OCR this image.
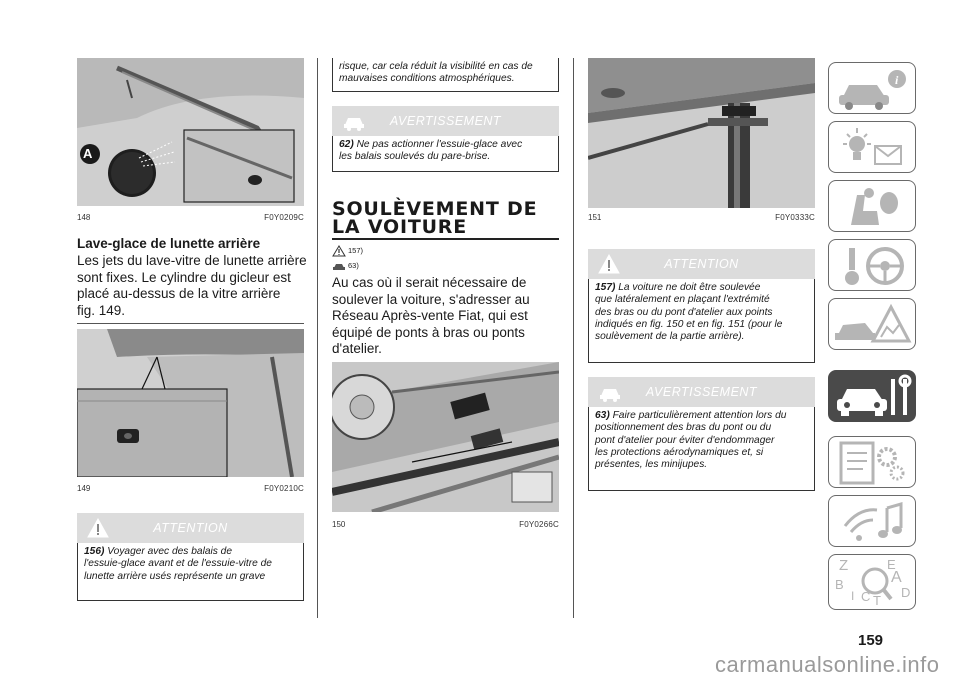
A
148	F0Y0209C
Lave-glace de lunette arrière
Les jets du lave-vitre de lunette arrière
sont fixes. Le cylindre du gicleur est
placé au-dessus de la vitre arrière
fig. 149.
149	F0Y0210C
ATTENTION
156) Voyager avec des balais de
l'essuie-glace avant et de l'essuie-vitre de
lunette arrière usés représente un grave
risque, car cela réduit la visibilité en cas de
mauvaises conditions atmosphériques.
AVERTISSEMENT
62) Ne pas actionner l'essuie-glace avec
les balais soulevés du pare-brise.
SOULÈVEMENT DE
LA VOITURE
157)
63)
Au cas où il serait nécessaire de
soulever la voiture, s'adresser au
Réseau Après-vente Fiat, qui est
équipé de ponts à bras ou ponts
d'atelier.
150	F0Y0266C
151	F0Y0333C
ATTENTION
157) La voiture ne doit être soulevée
que latéralement en plaçant l'extrémité
des bras ou du pont d'atelier aux points
indiqués en fig. 150 et en fig. 151 (pour le
soulèvement de la partie arrière).
AVERTISSEMENT
63) Faire particulièrement attention lors du
positionnement des bras du pont ou du
pont d'atelier pour éviter d'endommager
les protections aérodynamiques et, si
présentes, les minijupes.
i
Z	E
B	A
I C D
T
159
carmanualsonline.info
